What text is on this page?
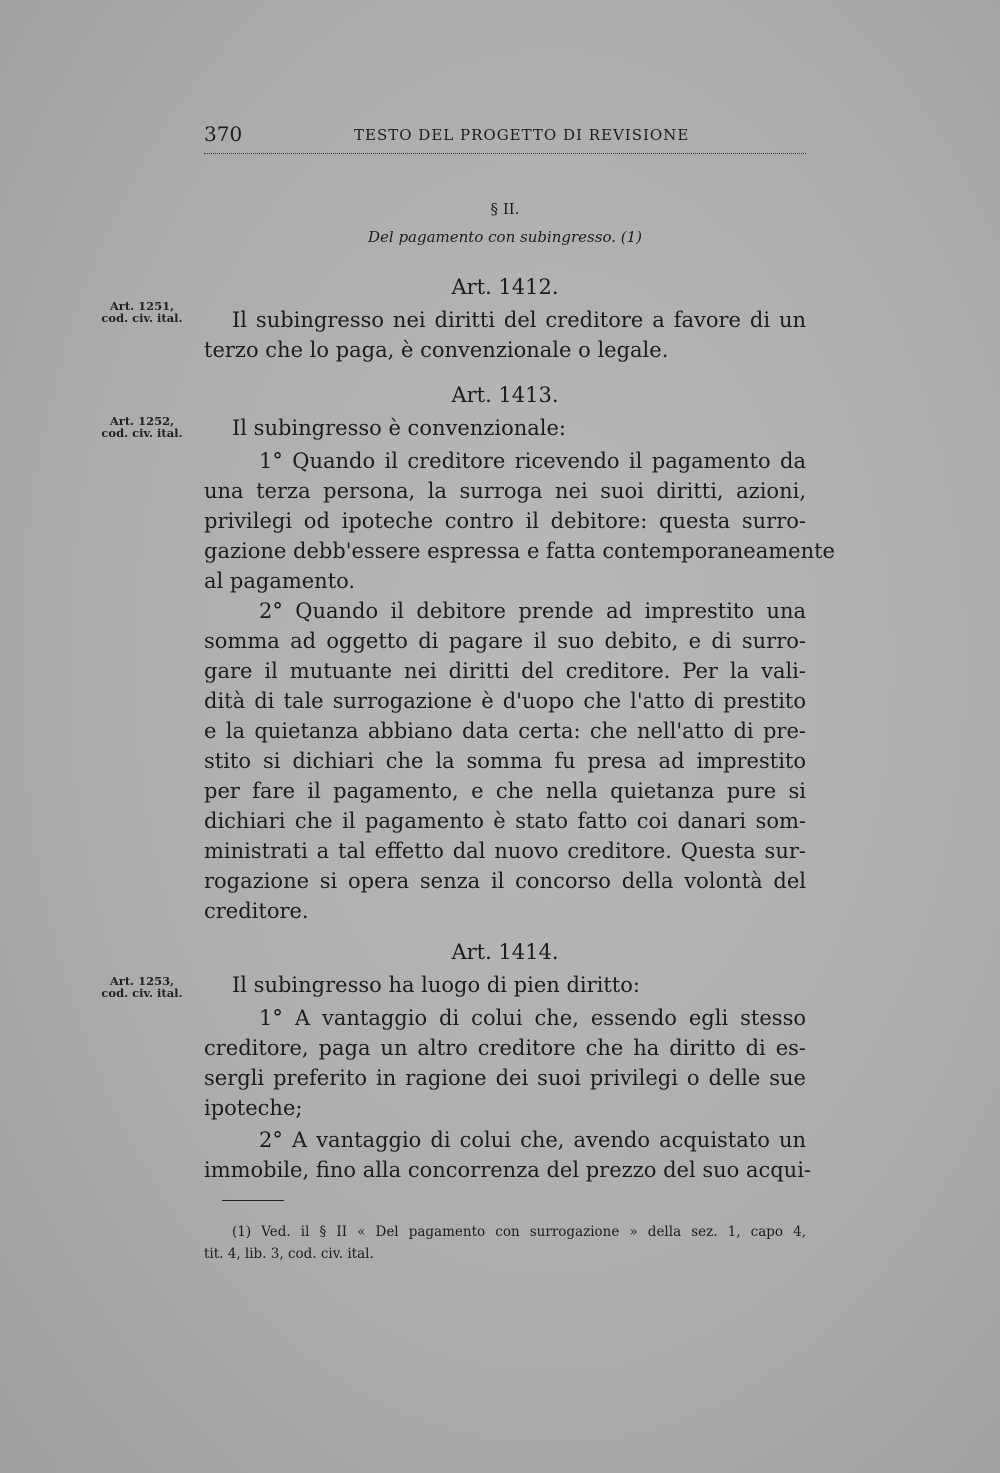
370	TESTO DEL PROGETTO DI REVISIONE
Art. 1251,
cod. civ. ital.
Art. 1252,
cod. civ. ital.
Art. 1253,
cod. civ. ital.
§ II.
Del pagamento con subingresso. (1)
Art. 1412.
Il subingresso nei diritti del creditore a favore di un
terzo che lo paga, è convenzionale o legale.
Art. 1413.
Il subingresso è convenzionale:
1° Quando il creditore ricevendo il pagamento da
una terza persona, la surroga nei suoi diritti, azioni,
privilegi od ipoteche contro il debitore: questa surro-
gazione debb'essere espressa e fatta contemporaneamente
al pagamento.
2° Quando il debitore prende ad imprestito una
somma ad oggetto di pagare il suo debito, e di surro-
gare il mutuante nei diritti del creditore. Per la vali-
dità di tale surrogazione è d'uopo che l'atto di prestito
e la quietanza abbiano data certa: che nell'atto di pre-
stito si dichiari che la somma fu presa ad imprestito
per fare il pagamento, e che nella quietanza pure si
dichiari che il pagamento è stato fatto coi danari som-
ministrati a tal effetto dal nuovo creditore. Questa sur-
rogazione si opera senza il concorso della volontà del
creditore.
Art. 1414.
Il subingresso ha luogo di pien diritto:
1° A vantaggio di colui che, essendo egli stesso
creditore, paga un altro creditore che ha diritto di es-
sergli preferito in ragione dei suoi privilegi o delle sue
ipoteche;
2° A vantaggio di colui che, avendo acquistato un
immobile, fino alla concorrenza del prezzo del suo acqui-
(1) Ved. il § II « Del pagamento con surrogazione » della sez. 1, capo 4,
tit. 4, lib. 3, cod. civ. ital.
